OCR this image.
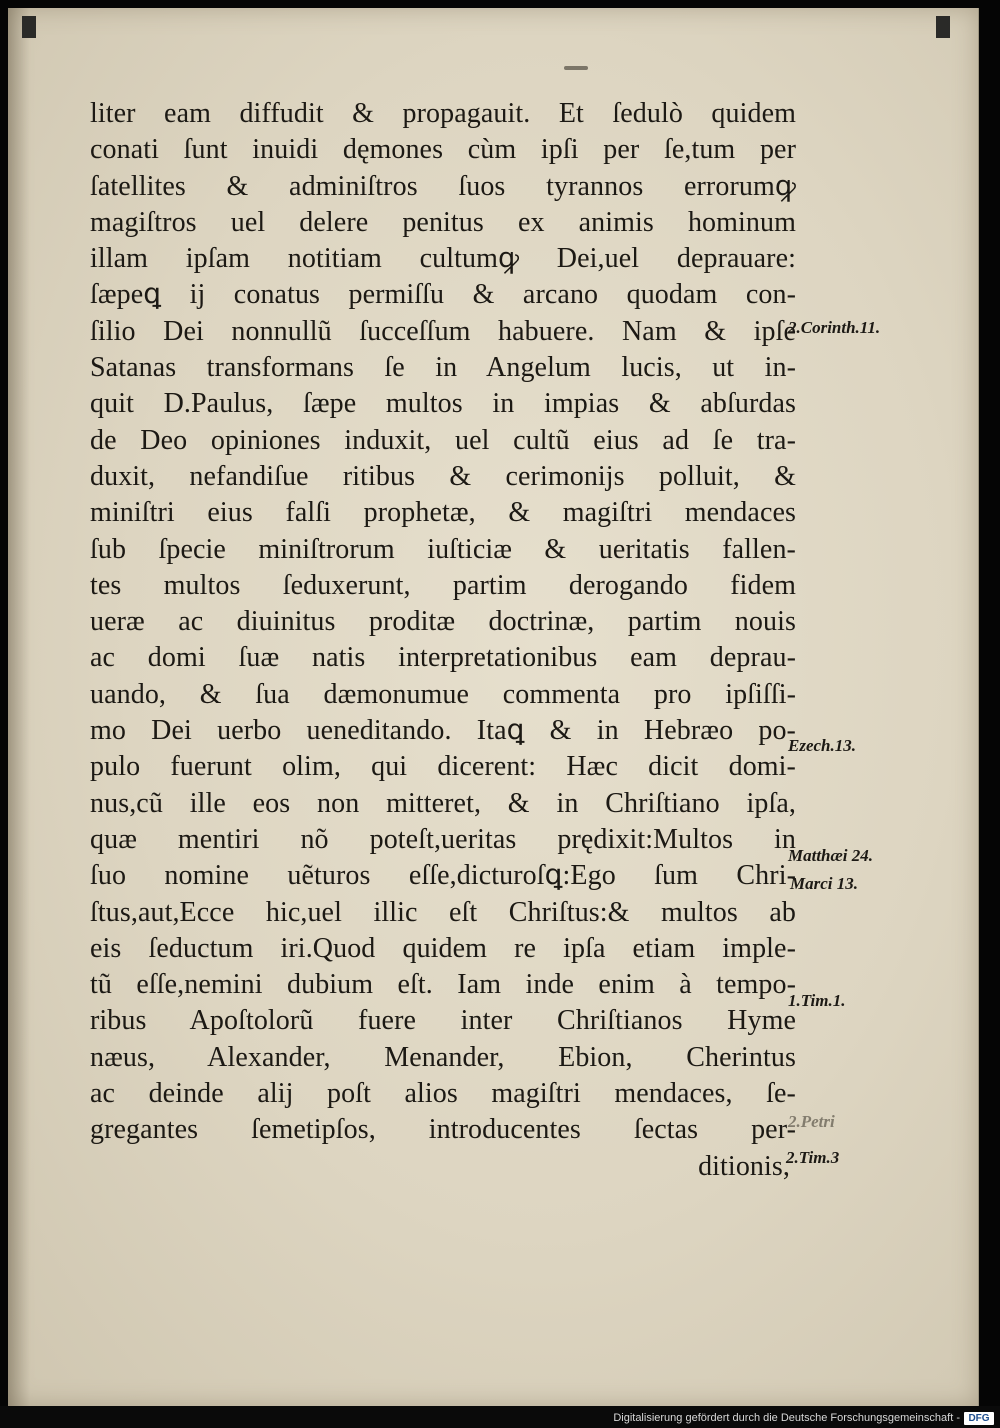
liter eam diffudit & propagauit. Et ſedulò quidem
conati ſunt inuidi dęmones cùm ipſi per ſe,tum per
ſatellites & adminiſtros ſuos tyrannos errorumꝙ
magiſtros uel delere penitus ex animis hominum
illam ipſam notitiam cultumꝙ Dei,uel deprauare:
ſæpeꝗ ij conatus permiſſu & arcano quodam con-
ſilio Dei nonnullũ ſucceſſum habuere. Nam & ipſe
Satanas transformans ſe in Angelum lucis, ut in-
quit D.Paulus, ſæpe multos in impias & abſurdas
de Deo opiniones induxit, uel cultũ eius ad ſe tra-
duxit, nefandiſue ritibus & cerimonijs polluit, &
miniſtri eius falſi prophetæ, & magiſtri mendaces
ſub ſpecie miniſtrorum iuſticiæ & ueritatis fallen-
tes multos ſeduxerunt, partim derogando fidem
ueræ ac diuinitus proditæ doctrinæ, partim nouis
ac domi ſuæ natis interpretationibus eam deprau-
uando, & ſua dæmonumue commenta pro ipſiſſi-
mo Dei uerbo ueneditando. Itaꝗ & in Hebræo po-
pulo fuerunt olim, qui dicerent: Hæc dicit domi-
nus,cũ ille eos non mitteret, & in Chriſtiano ipſa,
quæ mentiri nõ poteſt,ueritas prędixit:Multos in
ſuo nomine uẽturos eſſe,dicturoſꝗ:Ego ſum Chri-
ſtus,aut,Ecce hic,uel illic eſt Chriſtus:& multos ab
eis ſeductum iri.Quod quidem re ipſa etiam imple-
tũ eſſe,nemini dubium eſt. Iam inde enim à tempo-
ribus Apoſtolorũ fuere inter Chriſtianos Hyme
næus, Alexander, Menander, Ebion, Cherintus
ac deinde alij poſt alios magiſtri mendaces, ſe-
gregantes ſemetipſos, introducentes ſectas per-
ditionis,
2.Corinth.11.
Ezech.13.
Matthæi 24.
Marci 13.
1.Tim.1.
2.Petri
2.Tim.3
Digitalisierung gefördert durch die Deutsche Forschungsgemeinschaft - DFG
